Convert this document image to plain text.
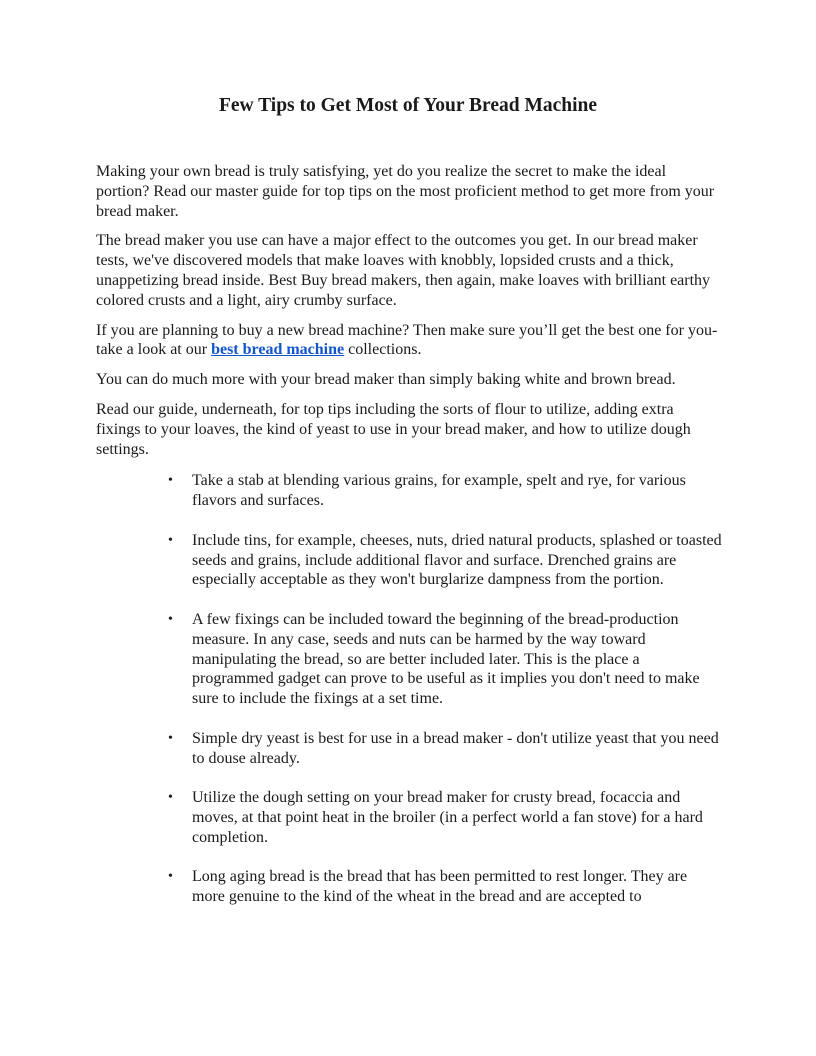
Few Tips to Get Most of Your Bread Machine

Making your own bread is truly satisfying, yet do you realize the secret to make the ideal portion? Read our master guide for top tips on the most proficient method to get more from your bread maker.

The bread maker you use can have a major effect to the outcomes you get. In our bread maker tests, we've discovered models that make loaves with knobbly, lopsided crusts and a thick, unappetizing bread inside. Best Buy bread makers, then again, make loaves with brilliant earthy colored crusts and a light, airy crumby surface.

If you are planning to buy a new bread machine? Then make sure you’ll get the best one for you- take a look at our best bread machine collections.

You can do much more with your bread maker than simply baking white and brown bread.

Read our guide, underneath, for top tips including the sorts of flour to utilize, adding extra fixings to your loaves, the kind of yeast to use in your bread maker, and how to utilize dough settings.

•	Take a stab at blending various grains, for example, spelt and rye, for various flavors and surfaces.
•	Include tins, for example, cheeses, nuts, dried natural products, splashed or toasted seeds and grains, include additional flavor and surface. Drenched grains are especially acceptable as they won't burglarize dampness from the portion.
•	A few fixings can be included toward the beginning of the bread-production measure. In any case, seeds and nuts can be harmed by the way toward manipulating the bread, so are better included later. This is the place a programmed gadget can prove to be useful as it implies you don't need to make sure to include the fixings at a set time.
•	Simple dry yeast is best for use in a bread maker - don't utilize yeast that you need to douse already.
•	Utilize the dough setting on your bread maker for crusty bread, focaccia and moves, at that point heat in the broiler (in a perfect world a fan stove) for a hard completion.
•	Long aging bread is the bread that has been permitted to rest longer. They are more genuine to the kind of the wheat in the bread and are accepted to
